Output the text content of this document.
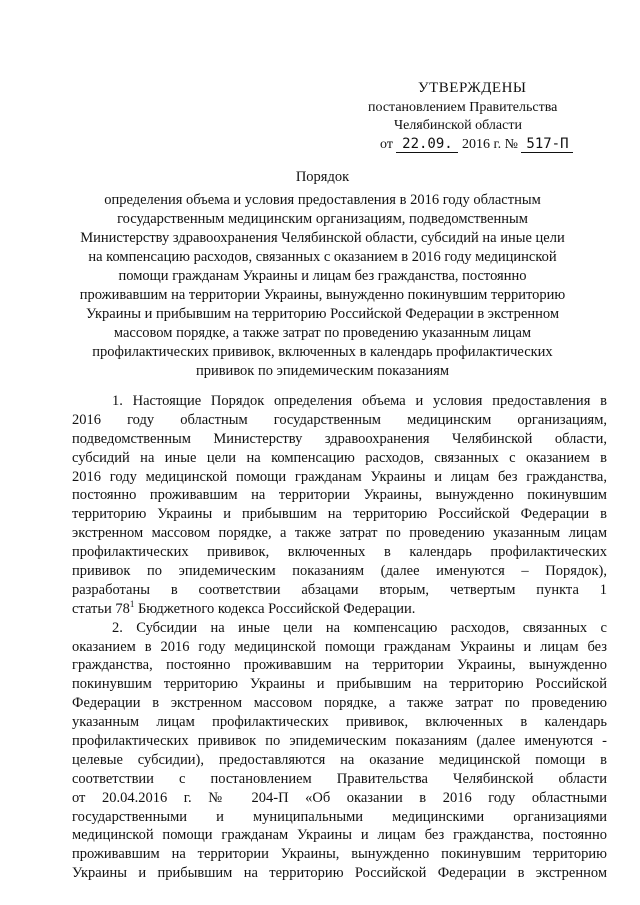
УТВЕРЖДЕНЫ
постановлением Правительства
Челябинской области
от 22.09. 2016 г. № 517-П
Порядок
определения объема и условия предоставления в 2016 году областным
государственным медицинским организациям, подведомственным
Министерству здравоохранения Челябинской области, субсидий на иные цели
на компенсацию расходов, связанных с оказанием в 2016 году медицинской
помощи гражданам Украины и лицам без гражданства, постоянно
проживавшим на территории Украины, вынужденно покинувшим территорию
Украины и прибывшим на территорию Российской Федерации в экстренном
массовом порядке, а также затрат по проведению указанным лицам
профилактических прививок, включенных в календарь профилактических
прививок по эпидемическим показаниям
1. Настоящие Порядок определения объема и условия предоставления в
2016 году областным государственным медицинским организациям,
подведомственным Министерству здравоохранения Челябинской области,
субсидий на иные цели на компенсацию расходов, связанных с оказанием в
2016 году медицинской помощи гражданам Украины и лицам без гражданства,
постоянно проживавшим на территории Украины, вынужденно покинувшим
территорию Украины и прибывшим на территорию Российской Федерации в
экстренном массовом порядке, а также затрат по проведению указанным лицам
профилактических прививок, включенных в календарь профилактических
прививок по эпидемическим показаниям (далее именуются – Порядок),
разработаны в соответствии абзацами вторым, четвертым пункта 1
статьи $78^1$ Бюджетного кодекса Российской Федерации.
2. Субсидии на иные цели на компенсацию расходов, связанных с
оказанием в 2016 году медицинской помощи гражданам Украины и лицам без
гражданства, постоянно проживавшим на территории Украины, вынужденно
покинувшим территорию Украины и прибывшим на территорию Российской
Федерации в экстренном массовом порядке, а также затрат по проведению
указанным лицам профилактических прививок, включенных в календарь
профилактических прививок по эпидемическим показаниям (далее именуются -
целевые субсидии), предоставляются на оказание медицинской помощи в
соответствии с постановлением Правительства Челябинской области
от 20.04.2016 г. № 204-П «Об оказании в 2016 году областными
государственными и муниципальными медицинскими организациями
медицинской помощи гражданам Украины и лицам без гражданства, постоянно
проживавшим на территории Украины, вынужденно покинувшим территорию
Украины и прибывшим на территорию Российской Федерации в экстренном
